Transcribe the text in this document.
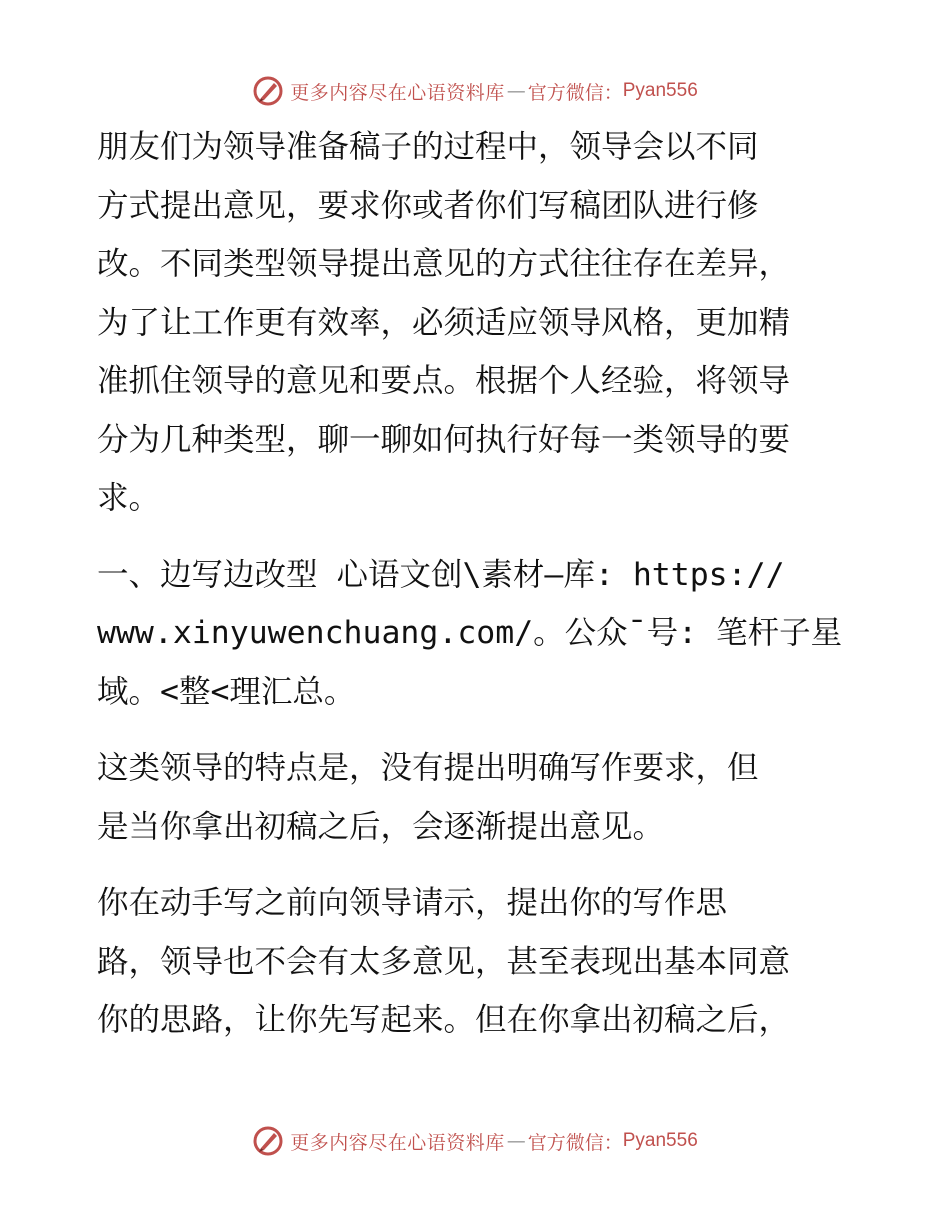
更多内容尽在心语资料库 — 官方微信： Pyan556
朋友们为领导准备稿子的过程中，领导会以不同
方式提出意见，要求你或者你们写稿团队进行修
改。不同类型领导提出意见的方式往往存在差异，
为了让工作更有效率，必须适应领导风格，更加精
准抓住领导的意见和要点。根据个人经验，将领导
分为几种类型，聊一聊如何执行好每一类领导的要
求。
一、边写边改型 心语文创\素材—库: https://
www.xinyuwenchuang.com/。公众¯号: 笔杆子星
域。<整<理汇总。
这类领导的特点是，没有提出明确写作要求，但
是当你拿出初稿之后，会逐渐提出意见。
你在动手写之前向领导请示，提出你的写作思
路，领导也不会有太多意见，甚至表现出基本同意
你的思路，让你先写起来。但在你拿出初稿之后，
更多内容尽在心语资料库 — 官方微信： Pyan556
